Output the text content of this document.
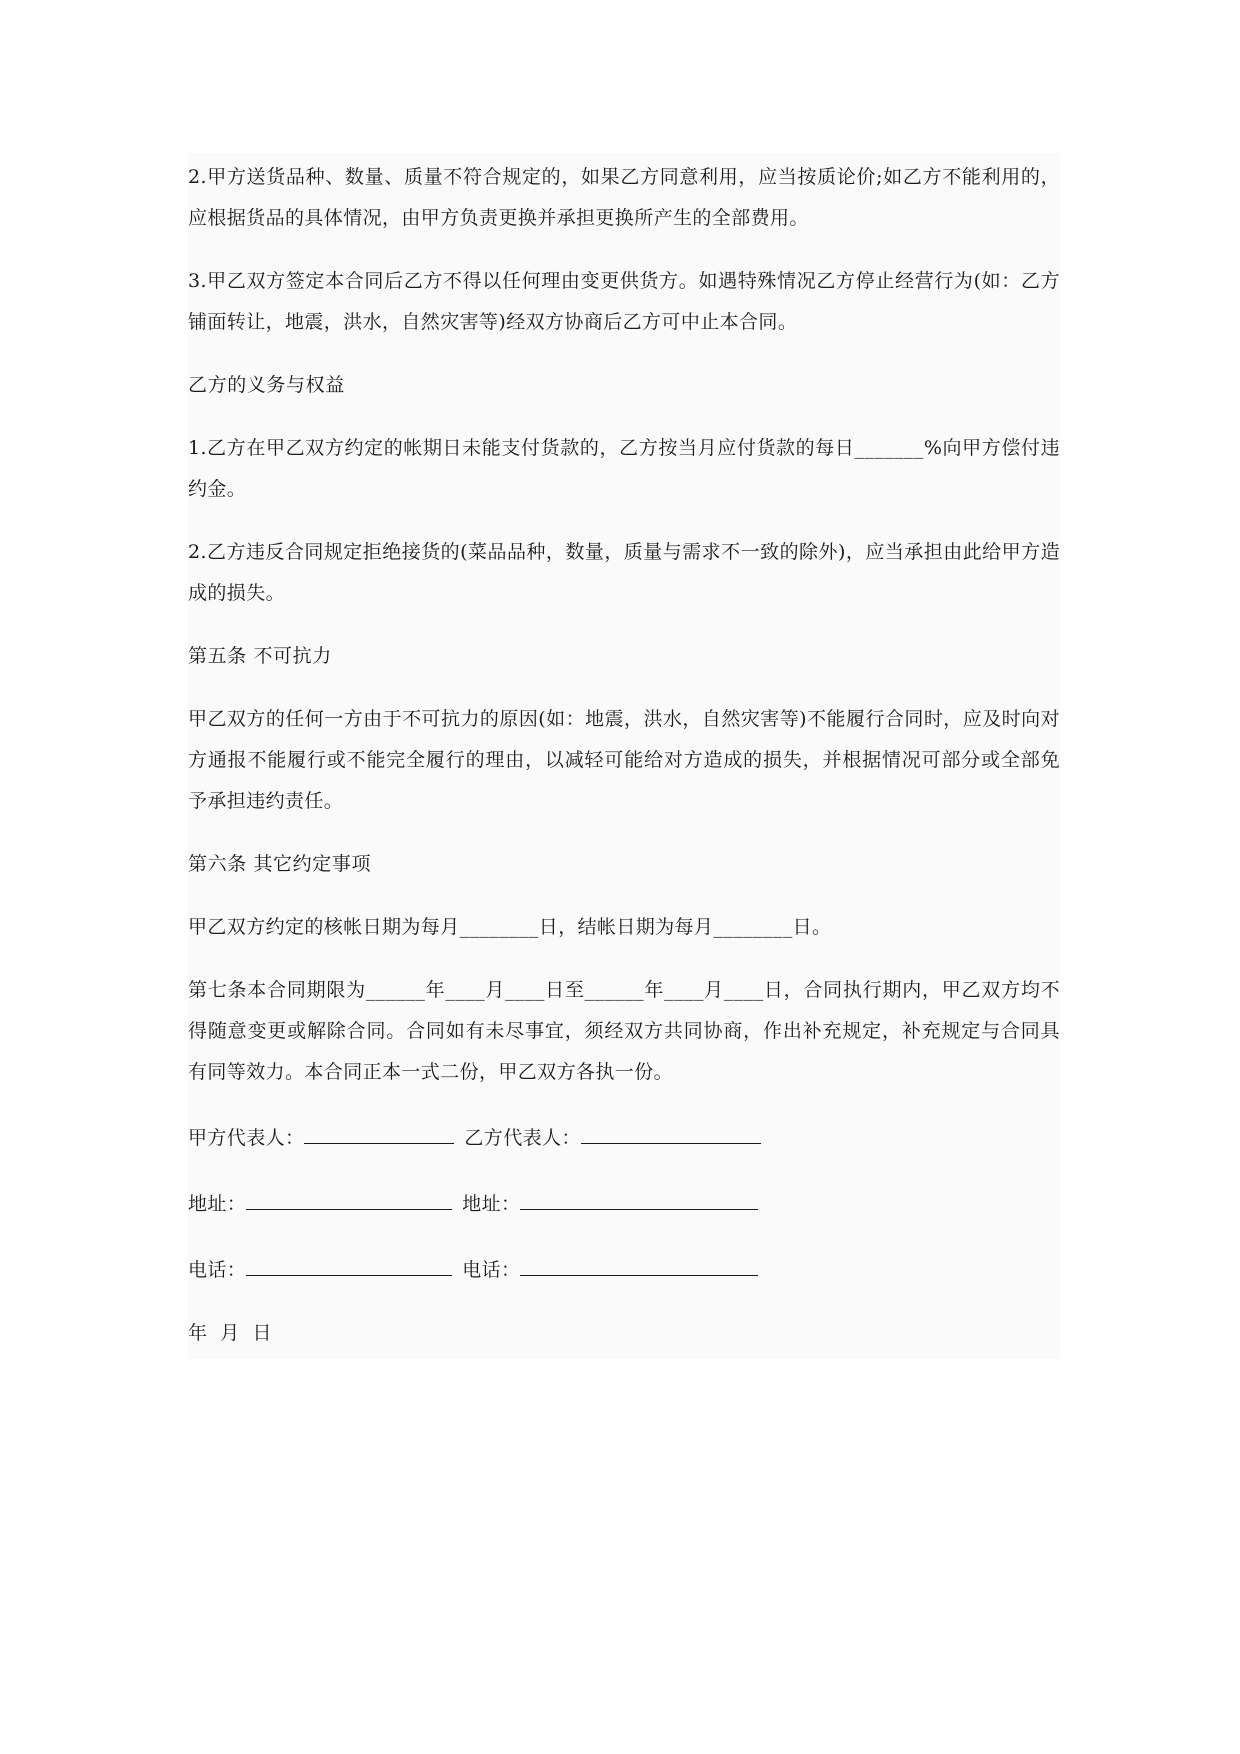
2.甲方送货品种、数量、质量不符合规定的，如果乙方同意利用，应当按质论价;如乙方不能利用的，应根据货品的具体情况，由甲方负责更换并承担更换所产生的全部费用。

3.甲乙双方签定本合同后乙方不得以任何理由变更供货方。如遇特殊情况乙方停止经营行为(如：乙方铺面转让，地震，洪水，自然灾害等)经双方协商后乙方可中止本合同。

乙方的义务与权益

1.乙方在甲乙双方约定的帐期日未能支付货款的，乙方按当月应付货款的每日_______%向甲方偿付违约金。

2.乙方违反合同规定拒绝接货的(菜品品种，数量，质量与需求不一致的除外)，应当承担由此给甲方造成的损失。

第五条 不可抗力

甲乙双方的任何一方由于不可抗力的原因(如：地震，洪水，自然灾害等)不能履行合同时，应及时向对方通报不能履行或不能完全履行的理由，以减轻可能给对方造成的损失，并根据情况可部分或全部免予承担违约责任。

第六条 其它约定事项

甲乙双方约定的核帐日期为每月________日，结帐日期为每月________日。

第七条本合同期限为______年____月____日至______年____月____日，合同执行期内，甲乙双方均不得随意变更或解除合同。合同如有未尽事宜，须经双方共同协商，作出补充规定，补充规定与合同具有同等效力。本合同正本一式二份，甲乙双方各执一份。

甲方代表人：	乙方代表人：
地址：	地址：
电话：	电话：
年  月  日
